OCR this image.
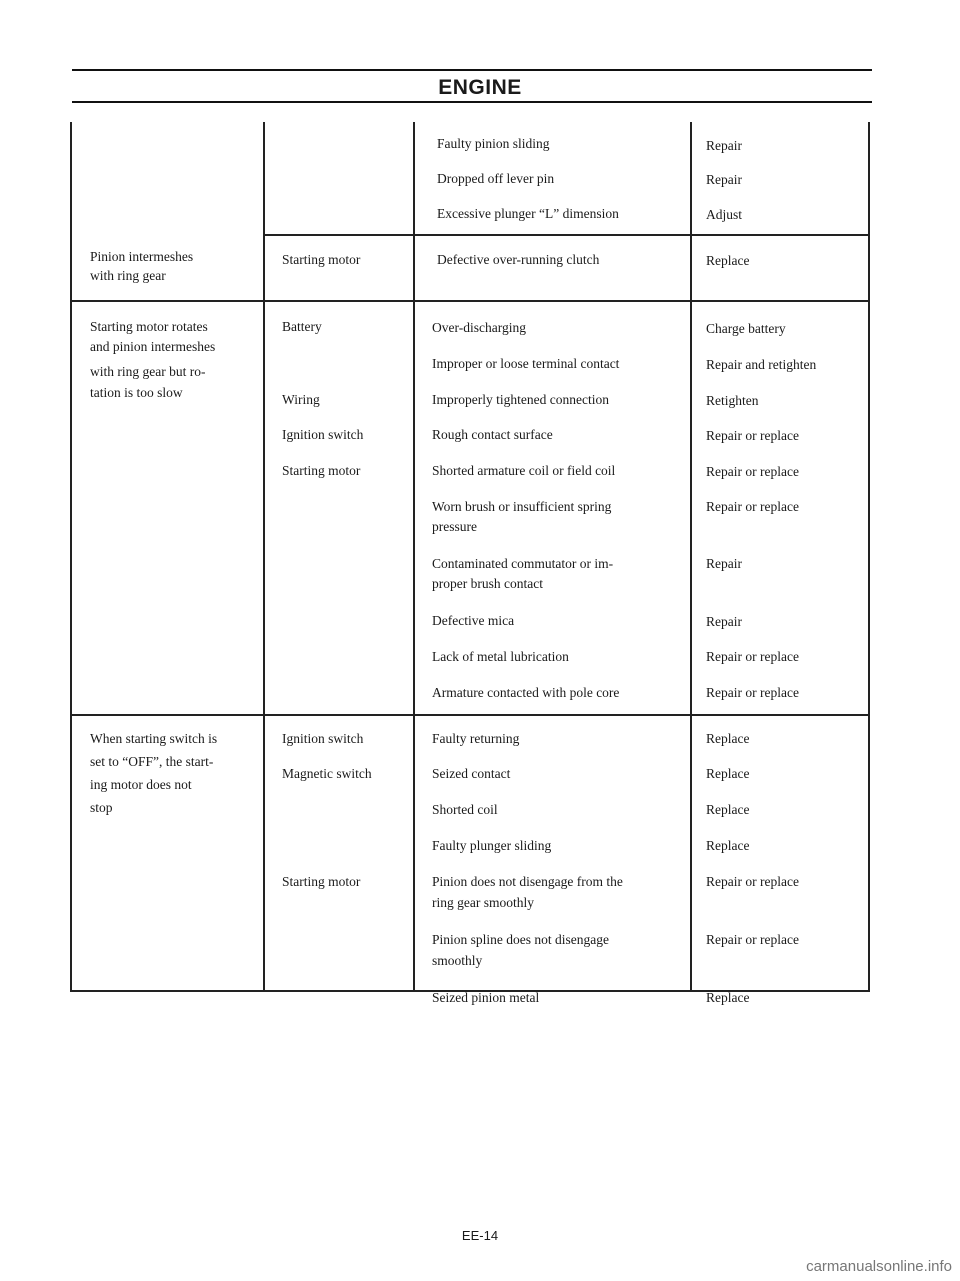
ENGINE
Pinion intermeshes
with ring gear
Starting motor
Faulty pinion sliding
Dropped off lever pin
Excessive plunger “L” dimension
Defective over-running clutch
Repair
Repair
Adjust
Replace
Starting motor rotates
and pinion intermeshes
with ring gear but ro-
tation is too slow
Battery
Wiring
Ignition switch
Starting motor
Over-discharging
Improper or loose terminal contact
Improperly tightened connection
Rough contact surface
Shorted armature coil or field coil
Worn brush or insufficient spring
pressure
Contaminated commutator or im-
proper brush contact
Defective mica
Lack of metal lubrication
Armature contacted with pole core
Charge battery
Repair and retighten
Retighten
Repair or replace
Repair or replace
Repair or replace
Repair
Repair
Repair or replace
Repair or replace
When starting switch is
set to “OFF”, the start-
ing motor does not
stop
Ignition switch
Magnetic switch
Starting motor
Faulty returning
Seized contact
Shorted coil
Faulty plunger sliding
Pinion does not disengage from the
ring gear smoothly
Pinion spline does not disengage
smoothly
Seized pinion metal
Replace
Replace
Replace
Replace
Repair or replace
Repair or replace
Replace
EE-14
carmanualsonline.info
